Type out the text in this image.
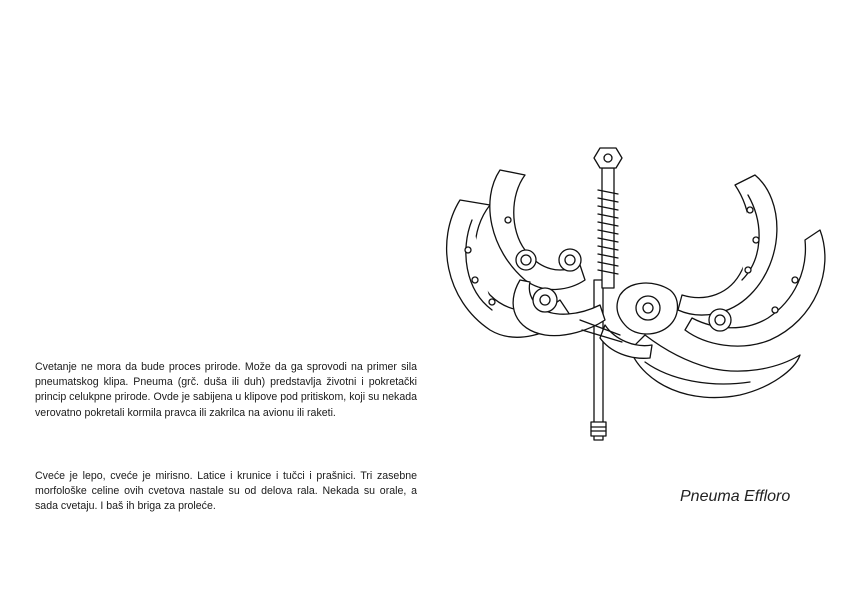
Cvetanje ne mora da bude proces prirode. Može da ga sprovodi na primer sila pneumatskog klipa. Pneuma (grč. duša ili duh) predstavlja životni i pokretački princip celukpne prirode. Ovde je sabijena u klipove pod pritiskom, koji su nekada verovatno pokretali kormila pravca ili zakrilca na avionu ili raketi.

Cveće je lepo, cveće je mirisno. Latice i krunice i tučci i prašnici. Tri zasebne morfološke celine ovih cvetova nastale su od delova rala. Nekada su orale, a sada cvetaju. I baš ih briga za proleće.

Pneuma Effloro
